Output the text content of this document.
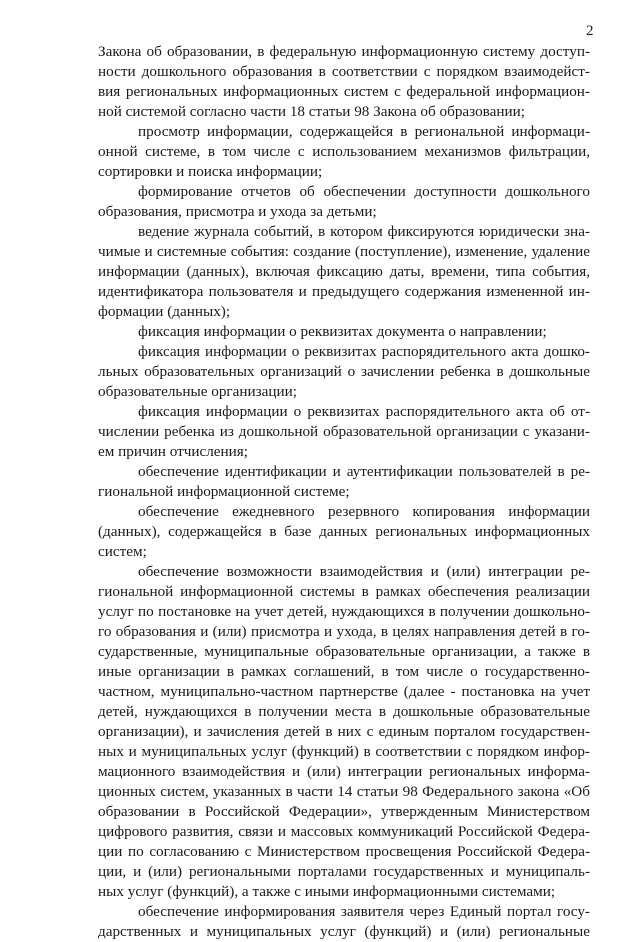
2
Закона об образовании, в федеральную информационную систему доступ-
ности дошкольного образования в соответствии с порядком взаимодейст-
вия региональных информационных систем с федеральной информацион-
ной системой согласно части 18 статьи 98 Закона об образовании;
просмотр информации, содержащейся в региональной информаци-
онной системе, в том числе с использованием механизмов фильтрации,
сортировки и поиска информации;
формирование отчетов об обеспечении доступности дошкольного
образования, присмотра и ухода за детьми;
ведение журнала событий, в котором фиксируются юридически зна-
чимые и системные события: создание (поступление), изменение, удаление
информации (данных), включая фиксацию даты, времени, типа события,
идентификатора пользователя и предыдущего содержания измененной ин-
формации (данных);
фиксация информации о реквизитах документа о направлении;
фиксация информации о реквизитах распорядительного акта дошко-
льных образовательных организаций о зачислении ребенка в дошкольные
образовательные организации;
фиксация информации о реквизитах распорядительного акта об от-
числении ребенка из дошкольной образовательной организации с указани-
ем причин отчисления;
обеспечение идентификации и аутентификации пользователей в ре-
гиональной информационной системе;
обеспечение ежедневного резервного копирования информации
(данных), содержащейся в базе данных региональных информационных
систем;
обеспечение возможности взаимодействия и (или) интеграции ре-
гиональной информационной системы в рамках обеспечения реализации
услуг по постановке на учет детей, нуждающихся в получении дошкольно-
го образования и (или) присмотра и ухода, в целях направления детей в го-
сударственные, муниципальные образовательные организации, а также в
иные организации в рамках соглашений, в том числе о государственно-
частном, муниципально-частном партнерстве (далее - постановка на учет
детей, нуждающихся в получении места в дошкольные образовательные
организации), и зачисления детей в них с единым порталом государствен-
ных и муниципальных услуг (функций) в соответствии с порядком инфор-
мационного взаимодействия и (или) интеграции региональных информа-
ционных систем, указанных в части 14 статьи 98 Федерального закона «Об
образовании в Российской Федерации», утвержденным Министерством
цифрового развития, связи и массовых коммуникаций Российской Федера-
ции по согласованию с Министерством просвещения Российской Федера-
ции, и (или) региональными порталами государственных и муниципаль-
ных услуг (функций), а также с иными информационными системами;
обеспечение информирования заявителя через Единый портал госу-
дарственных и муниципальных услуг (функций) и (или) региональные
